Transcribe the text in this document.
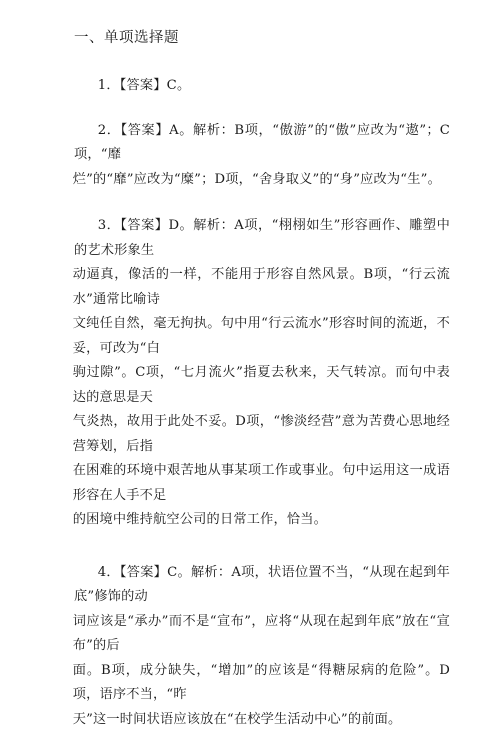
一、单项选择题

1．【答案】C。

2．【答案】A。解析：B项，“傲游”的“傲”应改为“遨”；C项，“靡

烂”的“靡”应改为“糜”；D项，“舍身取义”的“身”应改为“生”。

3．【答案】D。解析：A项，“栩栩如生”形容画作、雕塑中的艺术形象生

动逼真，像活的一样，不能用于形容自然风景。B项，“行云流水”通常比喻诗

文纯任自然，毫无拘执。句中用“行云流水”形容时间的流逝，不妥，可改为“白

驹过隙”。C项，“七月流火”指夏去秋来，天气转凉。而句中表达的意思是天

气炎热，故用于此处不妥。D项，“惨淡经营”意为苦费心思地经营筹划，后指

在困难的环境中艰苦地从事某项工作或事业。句中运用这一成语形容在人手不足

的困境中维持航空公司的日常工作，恰当。

4．【答案】C。解析：A项，状语位置不当，“从现在起到年底”修饰的动

词应该是“承办”而不是“宣布”，应将“从现在起到年底”放在“宣布”的后

面。B项，成分缺失，“增加”的应该是“得糖尿病的危险”。D项，语序不当，“昨

天”这一时间状语应该放在“在校学生活动中心”的前面。
